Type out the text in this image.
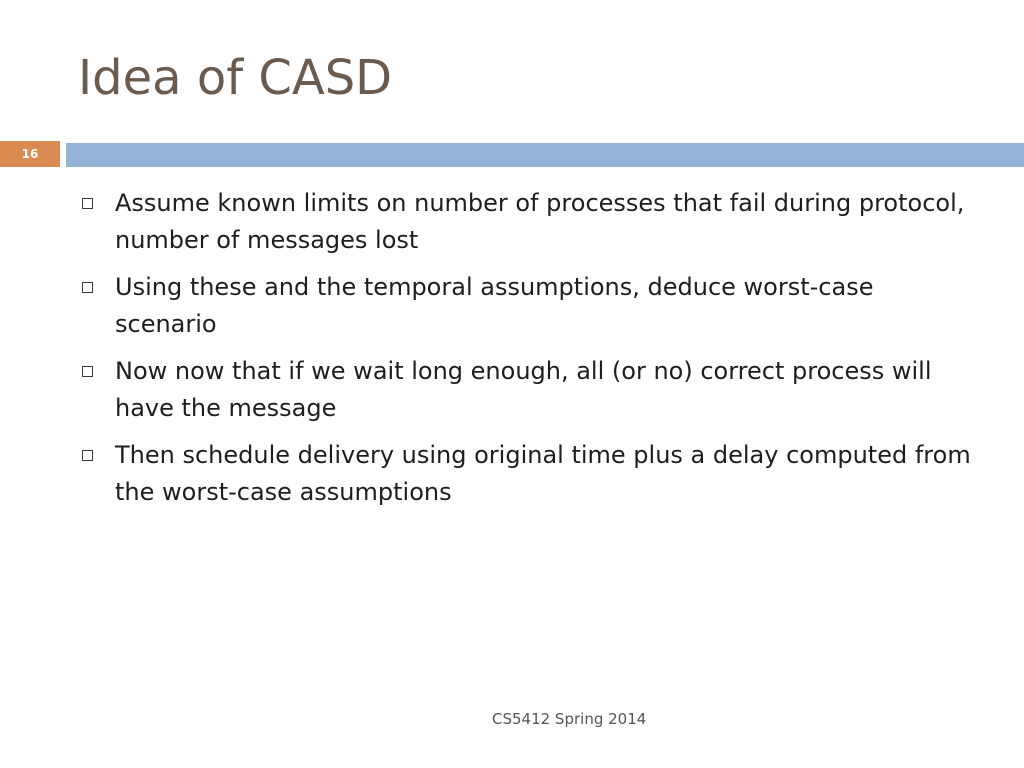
Idea of CASD
16
Assume known limits on number of processes that fail during protocol, number of messages lost
Using these and the temporal assumptions, deduce worst-case scenario
Now now that if we wait long enough, all (or no) correct process will have the message
Then schedule delivery using original time plus a delay computed from the worst-case assumptions
CS5412 Spring 2014
